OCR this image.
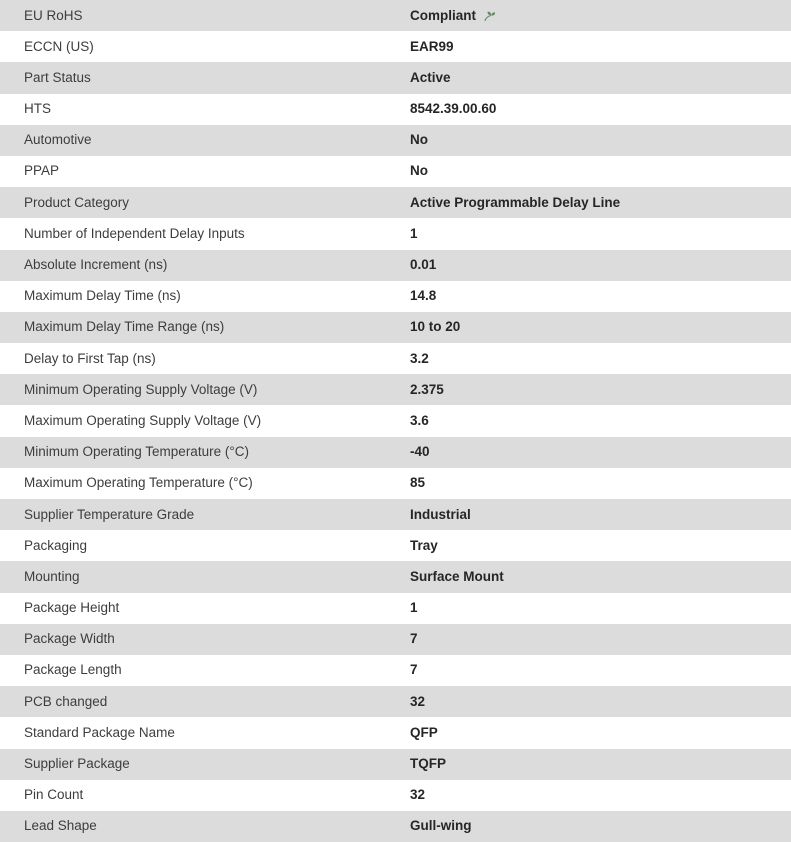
EU RoHS	Compliant

ECCN (US)	EAR99
Part Status	Active
HTS	8542.39.00.60
Automotive	No
PPAP	No
Product Category	Active Programmable Delay Line
Number of Independent Delay Inputs	1
Absolute Increment (ns)	0.01
Maximum Delay Time (ns)	14.8
Maximum Delay Time Range (ns)	10 to 20
Delay to First Tap (ns)	3.2
Minimum Operating Supply Voltage (V)	2.375
Maximum Operating Supply Voltage (V)	3.6
Minimum Operating Temperature (°C)	-40
Maximum Operating Temperature (°C)	85
Supplier Temperature Grade	Industrial
Packaging	Tray
Mounting	Surface Mount
Package Height	1
Package Width	7
Package Length	7
PCB changed	32
Standard Package Name	QFP
Supplier Package	TQFP
Pin Count	32
Lead Shape	Gull-wing
